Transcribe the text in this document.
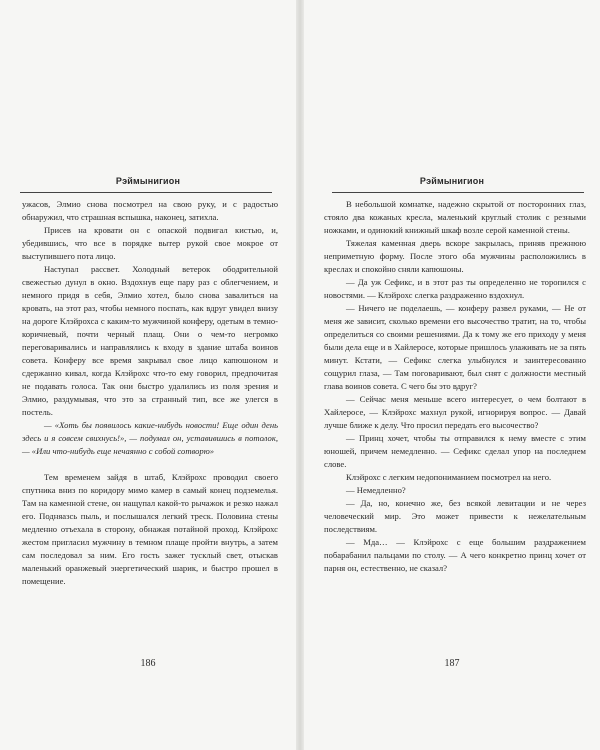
Рэймынигион

ужасов, Элмио снова посмотрел на свою руку, и с радостью обнаружил, что страшная вспышка, наконец, затихла.

Присев на кровати он с опаской подвигал кистью, и, убедившись, что все в порядке вытер рукой свое мокрое от выступившего пота лицо.

Наступал рассвет. Холодный ветерок ободрительной свежестью дунул в окно. Вздохнув еще пару раз с облегчением, и немного придя в себя, Элмио хотел, было снова завалиться на кровать, на этот раз, чтобы немного поспать, как вдруг увидел внизу на дороге Клэйрохса с каким-то мужчиной конферу, одетым в темно-коричневый, почти черный плащ. Они о чем-то негромко переговаривались и направлялись к входу в здание штаба воинов совета. Конферу все время закрывал свое лицо капюшоном и сдержанно кивал, когда Клэйрохс что-то ему говорил, предпочитая не подавать голоса. Так они быстро удалились из поля зрения и Элмио, раздумывая, что это за странный тип, все же улегся в постель.

— «Хоть бы появилось какие-нибудь новости! Еще один день здесь и я совсем свихнусь!», — подумал он, уставившись в потолок, — «Или что-нибудь еще нечаянно с собой сотворю»

Тем временем зайдя в штаб, Клэйрохс проводил своего спутника вниз по коридору мимо камер в самый конец подземелья. Там на каменной стене, он нащупал какой-то рычажок и резко нажал его. Подняазсь пыль, и послышался легкий треск. Половина стены медленно отъехала в сторону, обнажая потайной проход. Клэйрохс жестом пригласил мужчину в темном плаще пройти внутрь, а затем сам последовал за ним. Его гость зажег тусклый свет, отыскав маленький оранжевый энергетический шарик, и быстро прошел в помещение.

186
Рэймынигион

В небольшой комнатке, надежно скрытой от посторонних глаз, стояло два кожаных кресла, маленький круглый столик с резными ножками, и одинокий книжный шкаф возле серой каменной стены.

Тяжелая каменная дверь вскоре закрылась, приняв прежнюю неприметную форму. После этого оба мужчины расположились в креслах и спокойно сняли капюшоны.

— Да уж Сефикс, и в этот раз ты определенно не торопился с новостями. — Клэйрохс слегка раздраженно вздохнул.

— Ничего не поделаешь, — конферу развел руками, — Не от меня же зависит, сколько времени его высочество тратит, на то, чтобы определиться со своими решениями. Да к тому же его приходу у меня были дела еще и в Хайлеросе, которые пришлось улаживать не за пять минут. Кстати, — Сефикс слегка улыбнулся и заинтересованно сощурил глаза, — Там поговаривают, был снят с должности местный глава воинов совета. С чего бы это вдруг?

— Сейчас меня меньше всего интересует, о чем болтают в Хайлеросе, — Клэйрохс махнул рукой, игнорируя вопрос. — Давай лучше ближе к делу. Что просил передать его высочество?

— Принц хочет, чтобы ты отправился к нему вместе с этим юношей, причем немедленно. — Сефикс сделал упор на последнем слове.

Клэйрохс с легким недопониманием посмотрел на него.

— Немедленно?

— Да, но, конечно же, без всякой левитации и не через человеческий мир. Это может привести к нежелательным последствиям.

— Мда… — Клэйрохс с еще большим раздражением побарабанил пальцами по столу. — А чего конкретно принц хочет от парня он, естественно, не сказал?

187
